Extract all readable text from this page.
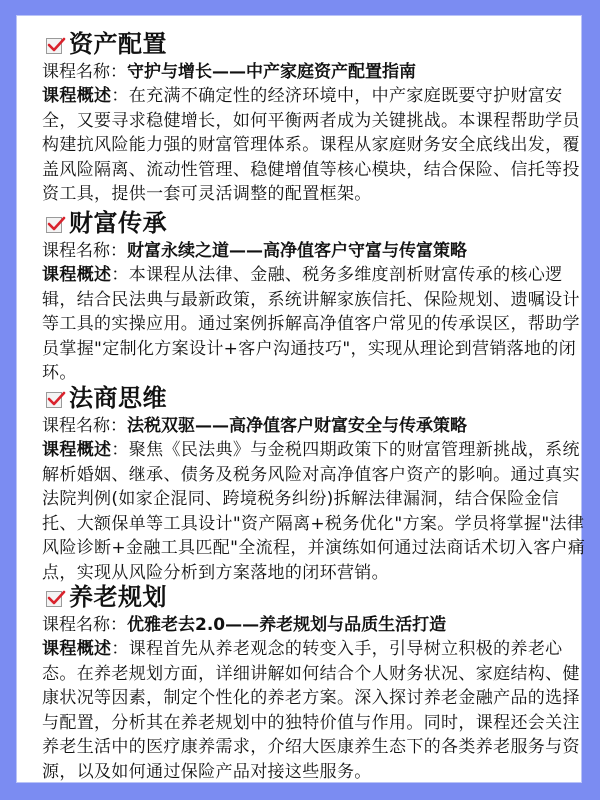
资产配置
课程名称：守护与增长——中产家庭资产配置指南
课程概述：在充满不确定性的经济环境中，中产家庭既要守护财富安
全，又要寻求稳健增长，如何平衡两者成为关键挑战。本课程帮助学员
构建抗风险能力强的财富管理体系。课程从家庭财务安全底线出发，覆
盖风险隔离、流动性管理、稳健增值等核心模块，结合保险、信托等投
资工具，提供一套可灵活调整的配置框架。
财富传承
课程名称：财富永续之道——高净值客户守富与传富策略
课程概述：本课程从法律、金融、税务多维度剖析财富传承的核心逻
辑，结合民法典与最新政策，系统讲解家族信托、保险规划、遗嘱设计
等工具的实操应用。通过案例拆解高净值客户常见的传承误区，帮助学
员掌握"定制化方案设计+客户沟通技巧"，实现从理论到营销落地的闭
环。
法商思维
课程名称：法税双驱——高净值客户财富安全与传承策略
课程概述：聚焦《民法典》与金税四期政策下的财富管理新挑战，系统
解析婚姻、继承、债务及税务风险对高净值客户资产的影响。通过真实
法院判例(如家企混同、跨境税务纠纷)拆解法律漏洞，结合保险金信
托、大额保单等工具设计"资产隔离+税务优化"方案。学员将掌握"法律
风险诊断+金融工具匹配"全流程，并演练如何通过法商话术切入客户痛
点，实现从风险分析到方案落地的闭环营销。
养老规划
课程名称：优雅老去2.0——养老规划与品质生活打造
课程概述：课程首先从养老观念的转变入手，引导树立积极的养老心
态。在养老规划方面，详细讲解如何结合个人财务状况、家庭结构、健
康状况等因素，制定个性化的养老方案。深入探讨养老金融产品的选择
与配置，分析其在养老规划中的独特价值与作用。同时，课程还会关注
养老生活中的医疗康养需求，介绍大医康养生态下的各类养老服务与资
源，以及如何通过保险产品对接这些服务。
